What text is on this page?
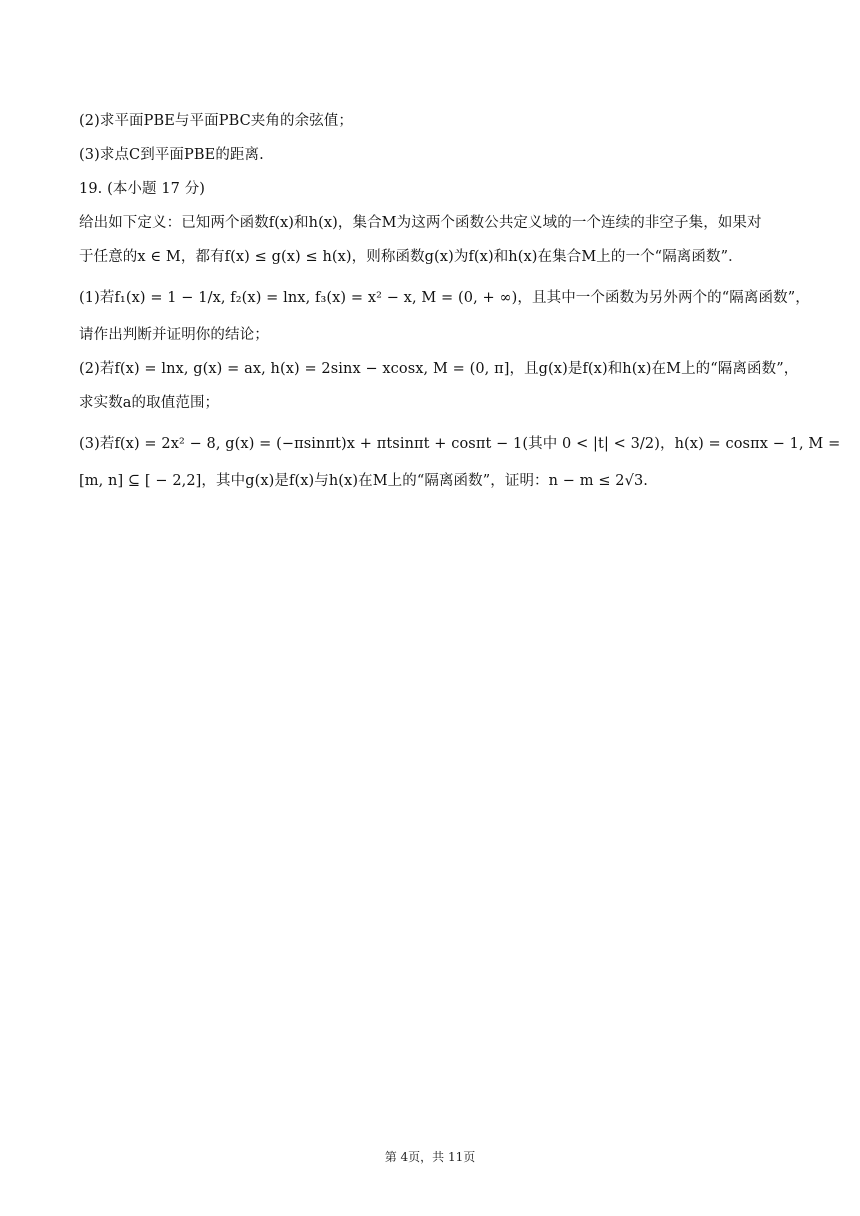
(2)求平面PBE与平面PBC夹角的余弦值；
(3)求点C到平面PBE的距离.
19. (本小题 17 分)
给出如下定义：已知两个函数f(x)和h(x)，集合M为这两个函数公共定义域的一个连续的非空子集，如果对
于任意的x ∈ M，都有f(x) ≤ g(x) ≤ h(x)，则称函数g(x)为f(x)和h(x)在集合M上的一个“隔离函数”．
(1)若f₁(x) = 1 − 1/x, f₂(x) = lnx, f₃(x) = x² − x, M = (0, + ∞)，且其中一个函数为另外两个的“隔离函数”，
请作出判断并证明你的结论；
(2)若f(x) = lnx, g(x) = ax, h(x) = 2sinx − xcosx, M = (0, π]，且g(x)是f(x)和h(x)在M上的“隔离函数”，
求实数a的取值范围；
(3)若f(x) = 2x² − 8, g(x) = (−πsinπt)x + πtsinπt + cosπt − 1(其中 0 < |t| < 3/2)，h(x) = cosπx − 1, M =
[m, n] ⊆ [ − 2,2]，其中g(x)是f(x)与h(x)在M上的“隔离函数”，证明：n − m ≤ 2√3.
第 4页，共 11页
